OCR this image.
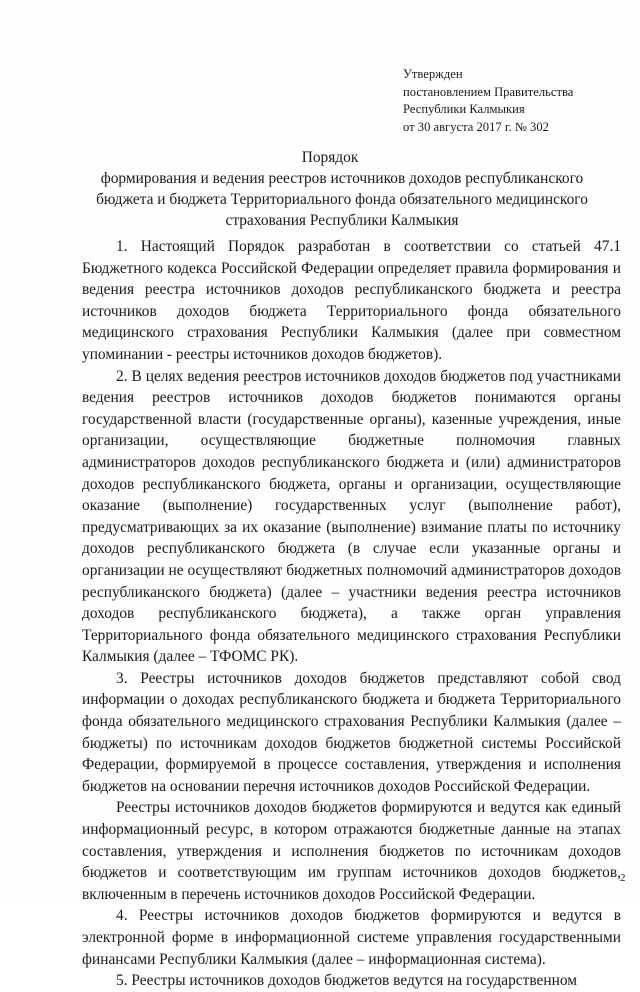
Утвержден
постановлением Правительства
Республики Калмыкия
от 30 августа 2017 г. № 302
Порядок
формирования и ведения реестров источников доходов республиканского бюджета и бюджета Территориального фонда обязательного медицинского страхования Республики Калмыкия

1. Настоящий Порядок разработан в соответствии со статьей 47.1 Бюджетного кодекса Российской Федерации определяет правила формирования и ведения реестра источников доходов республиканского бюджета и реестра источников доходов бюджета Территориального фонда обязательного медицинского страхования Республики Калмыкия (далее при совместном упоминании - реестры источников доходов бюджетов).

2. В целях ведения реестров источников доходов бюджетов под участниками ведения реестров источников доходов бюджетов понимаются органы государственной власти (государственные органы), казенные учреждения, иные организации, осуществляющие бюджетные полномочия главных администраторов доходов республиканского бюджета и (или) администраторов доходов республиканского бюджета, органы и организации, осуществляющие оказание (выполнение) государственных услуг (выполнение работ), предусматривающих за их оказание (выполнение) взимание платы по источнику доходов республиканского бюджета (в случае если указанные органы и организации не осуществляют бюджетных полномочий администраторов доходов республиканского бюджета) (далее – участники ведения реестра источников доходов республиканского бюджета), а также орган управления Территориального фонда обязательного медицинского страхования Республики Калмыкия (далее – ТФОМС РК).

3. Реестры источников доходов бюджетов представляют собой свод информации о доходах республиканского бюджета и бюджета Территориального фонда обязательного медицинского страхования Республики Калмыкия (далее – бюджеты) по источникам доходов бюджетов бюджетной системы Российской Федерации, формируемой в процессе составления, утверждения и исполнения бюджетов на основании перечня источников доходов Российской Федерации.

Реестры источников доходов бюджетов формируются и ведутся как единый информационный ресурс, в котором отражаются бюджетные данные на этапах составления, утверждения и исполнения бюджетов по источникам доходов бюджетов и соответствующим им группам источников доходов бюджетов, включенным в перечень источников доходов Российской Федерации.

4. Реестры источников доходов бюджетов формируются и ведутся в электронной форме в информационной системе управления государственными финансами Республики Калмыкия (далее – информационная система).

5. Реестры источников доходов бюджетов ведутся на государственном

2
